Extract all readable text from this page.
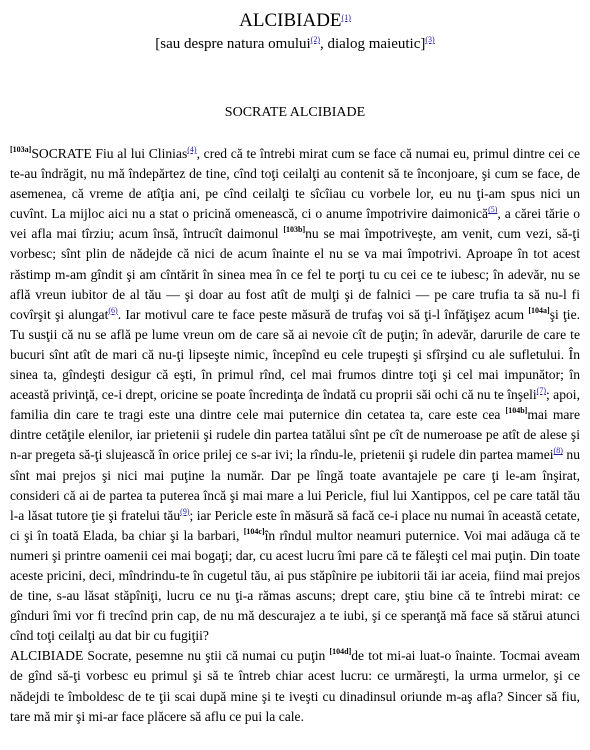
ALCIBIADE$^{(1)}$
[sau despre natura omului$^{(2)}$, dialog maieutic]$^{(3)}$
SOCRATE ALCIBIADE

[103a]SOCRATE Fiu al lui Clinias$^{(4)}$, cred că te întrebi mirat cum se face că numai eu, primul dintre cei ce te-au îndrăgit, nu mă îndepărtez de tine, cînd toţi ceilalţi au contenit să te înconjoare, şi cum se face, de asemenea, că vreme de atîţia ani, pe cînd ceilalţi te sîcîiau cu vorbele lor, eu nu ţi-am spus nici un cuvînt. La mijloc aici nu a stat o pricină omenească, ci o anume împotrivire daimonică$^{(5)}$, a cărei tărie o vei afla mai tîrziu; acum însă, întrucît daimonul [103b]nu se mai împotriveşte, am venit, cum vezi, să-ţi vorbesc; sînt plin de nădejde că nici de acum înainte el nu se va mai împotrivi. Aproape în tot acest răstimp m-am gîndit şi am cîntărit în sinea mea în ce fel te porţi tu cu cei ce te iubesc; în adevăr, nu se află vreun iubitor de al tău — şi doar au fost atît de mulţi şi de falnici — pe care trufia ta să nu-l fi covîrşit şi alungat$^{(6)}$. Iar motivul care te face peste măsură de trufaş voi să ţi-l înfăţişez acum [104a]şi ţie. Tu susţii că nu se află pe lume vreun om de care să ai nevoie cît de puţin; în adevăr, darurile de care te bucuri sînt atît de mari că nu-ţi lipseşte nimic, începînd eu cele trupeşti şi sfîrşind cu ale sufletului. În sinea ta, gîndeşti desigur că eşti, în primul rînd, cel mai frumos dintre toţi şi cel mai impunător; în această privinţă, ce-i drept, oricine se poate încredinţa de îndată cu proprii săi ochi că nu te înşeli$^{(7)}$; apoi, familia din care te tragi este una dintre cele mai puternice din cetatea ta, care este cea [104b]mai mare dintre cetăţile elenilor, iar prietenii şi rudele din partea tatălui sînt pe cît de numeroase pe atît de alese şi n-ar pregeta să-ţi slujească în orice prilej ce s-ar ivi; la rîndu-le, prietenii şi rudele din partea mamei$^{(8)}$ nu sînt mai prejos şi nici mai puţine la număr. Dar pe lîngă toate avantajele pe care ţi le-am înşirat, consideri că ai de partea ta puterea încă şi mai mare a lui Pericle, fiul lui Xantippos, cel pe care tatăl tău l-a lăsat tutore ţie şi fratelui tău$^{(9)}$; iar Pericle este în măsură să facă ce-i place nu numai în această cetate, ci şi în toată Elada, ba chiar şi la barbari, [104c]în rîndul multor neamuri puternice. Voi mai adăuga că te numeri şi printre oamenii cei mai bogaţi; dar, cu acest lucru îmi pare că te făleşti cel mai puţin. Din toate aceste pricini, deci, mîndrindu-te în cugetul tău, ai pus stăpînire pe iubitorii tăi iar aceia, fiind mai prejos de tine, s-au lăsat stăpîniţi, lucru ce nu ţi-a rămas ascuns; drept care, ştiu bine că te întrebi mirat: ce gînduri îmi vor fi trecînd prin cap, de nu mă descurajez a te iubi, şi ce speranţă mă face să stărui atunci cînd toţi ceilalţi au dat bir cu fugiţii?

ALCIBIADE Socrate, pesemne nu ştii că numai cu puţin [104d]de tot mi-ai luat-o înainte. Tocmai aveam de gînd să-ţi vorbesc eu primul şi să te întreb chiar acest lucru: ce urmăreşti, la urma urmelor, şi ce nădejdi te îmboldesc de te ţii scai după mine şi te iveşti cu dinadinsul oriunde m-aş afla? Sincer să fiu, tare mă mir şi mi-ar face plăcere să aflu ce pui la cale.
